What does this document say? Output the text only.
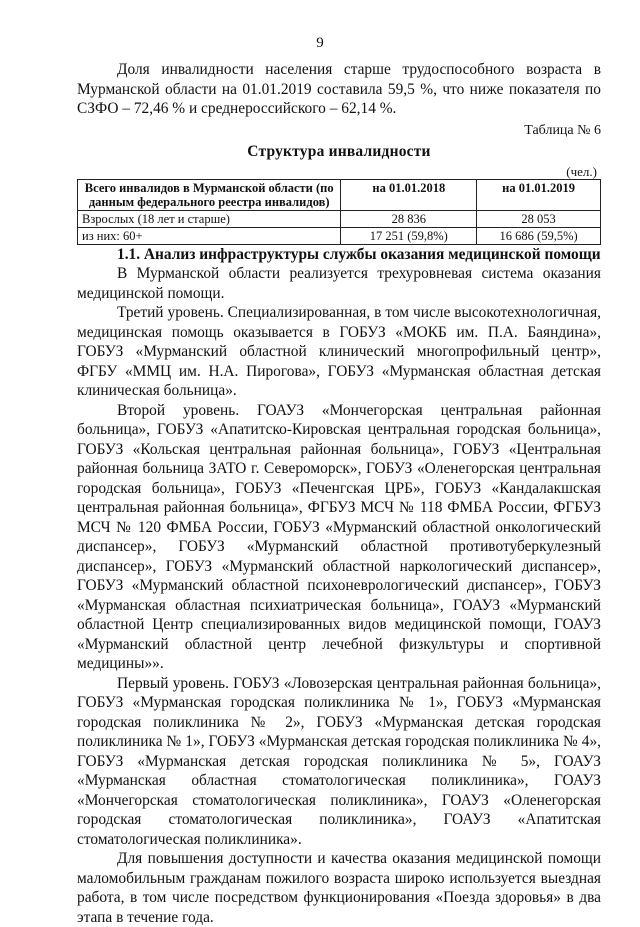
9

Доля инвалидности населения старше трудоспособного возраста в Мурманской области на 01.01.2019 составила 59,5 %, что ниже показателя по СЗФО – 72,46 % и среднероссийского – 62,14 %.

Таблица № 6
Структура инвалидности
(чел.)
Всего инвалидов в Мурманской области (по данным федерального реестра инвалидов)	на 01.01.2018	на 01.01.2019
Взрослых (18 лет и старше)	28 836	28 053
из них: 60+	17 251 (59,8%)	16 686 (59,5%)
1.1. Анализ инфраструктуры службы оказания медицинской помощи

В Мурманской области реализуется трехуровневая система оказания медицинской помощи.

Третий уровень. Специализированная, в том числе высокотехнологичная, медицинская помощь оказывается в ГОБУЗ «МОКБ им. П.А. Баяндина», ГОБУЗ «Мурманский областной клинический многопрофильный центр», ФГБУ «ММЦ им. Н.А. Пирогова», ГОБУЗ «Мурманская областная детская клиническая больница».

Второй уровень. ГОАУЗ «Мончегорская центральная районная больница», ГОБУЗ «Апатитско-Кировская центральная городская больница», ГОБУЗ «Кольская центральная районная больница», ГОБУЗ «Центральная районная больница ЗАТО г. Североморск», ГОБУЗ «Оленегорская центральная городская больница», ГОБУЗ «Печенгская ЦРБ», ГОБУЗ «Кандалакшская центральная районная больница», ФГБУЗ МСЧ № 118 ФМБА России, ФГБУЗ МСЧ № 120 ФМБА России, ГОБУЗ «Мурманский областной онкологический диспансер», ГОБУЗ «Мурманский областной противотуберкулезный диспансер», ГОБУЗ «Мурманский областной наркологический диспансер», ГОБУЗ «Мурманский областной психоневрологический диспансер», ГОБУЗ «Мурманская областная психиатрическая больница», ГОАУЗ «Мурманский областной Центр специализированных видов медицинской помощи, ГОАУЗ «Мурманский областной центр лечебной физкультуры и спортивной медицины»».

Первый уровень. ГОБУЗ «Ловозерская центральная районная больница», ГОБУЗ «Мурманская городская поликлиника № 1», ГОБУЗ «Мурманская городская поликлиника № 2», ГОБУЗ «Мурманская детская городская поликлиника № 1», ГОБУЗ «Мурманская детская городская поликлиника № 4», ГОБУЗ «Мурманская детская городская поликлиника № 5», ГОАУЗ «Мурманская областная стоматологическая поликлиника», ГОАУЗ «Мончегорская стоматологическая поликлиника», ГОАУЗ «Оленегорская городская стоматологическая поликлиника», ГОАУЗ «Апатитская стоматологическая поликлиника».

Для повышения доступности и качества оказания медицинской помощи маломобильным гражданам пожилого возраста широко используется выездная работа, в том числе посредством функционирования «Поезда здоровья» в два этапа в течение года.
